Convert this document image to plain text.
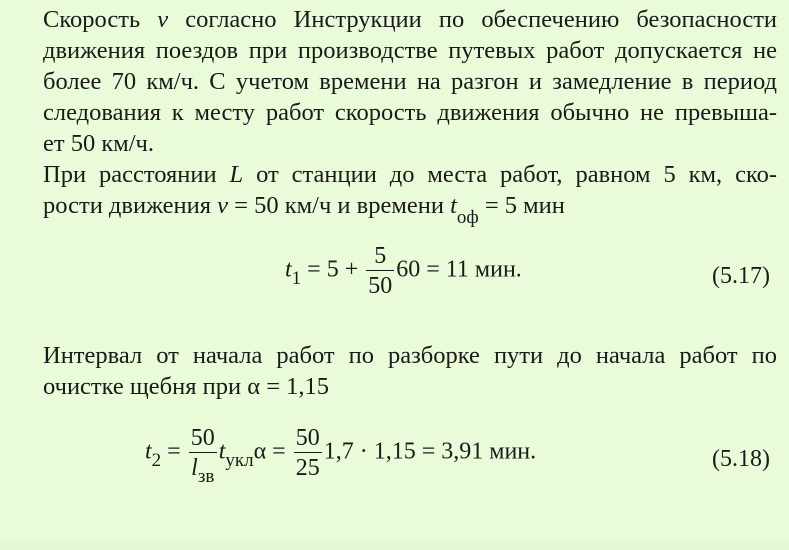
Скорость v согласно Инструкции по обеспечению безопасности
движения поездов при производстве путевых работ допускается не
более 70 км/ч. С учетом времени на разгон и замедление в период
следования к месту работ скорость движения обычно не превыша-
ет 50 км/ч.
При расстоянии L от станции до места работ, равном 5 км, ско-
рости движения v = 50 км/ч и времени $t_{оф} = 5$ мин
$t_1 = 5 + \frac{5}{50} 60 = 11$ мин.	(5.17)
Интервал от начала работ по разборке пути до начала работ по
очистке щебня при α = 1,15
$t_2 = \frac{50}{l_{зв}} t_{укл}\alpha = \frac{50}{25} 1,7 \cdot 1,15 = 3,91$ мин.	(5.18)
